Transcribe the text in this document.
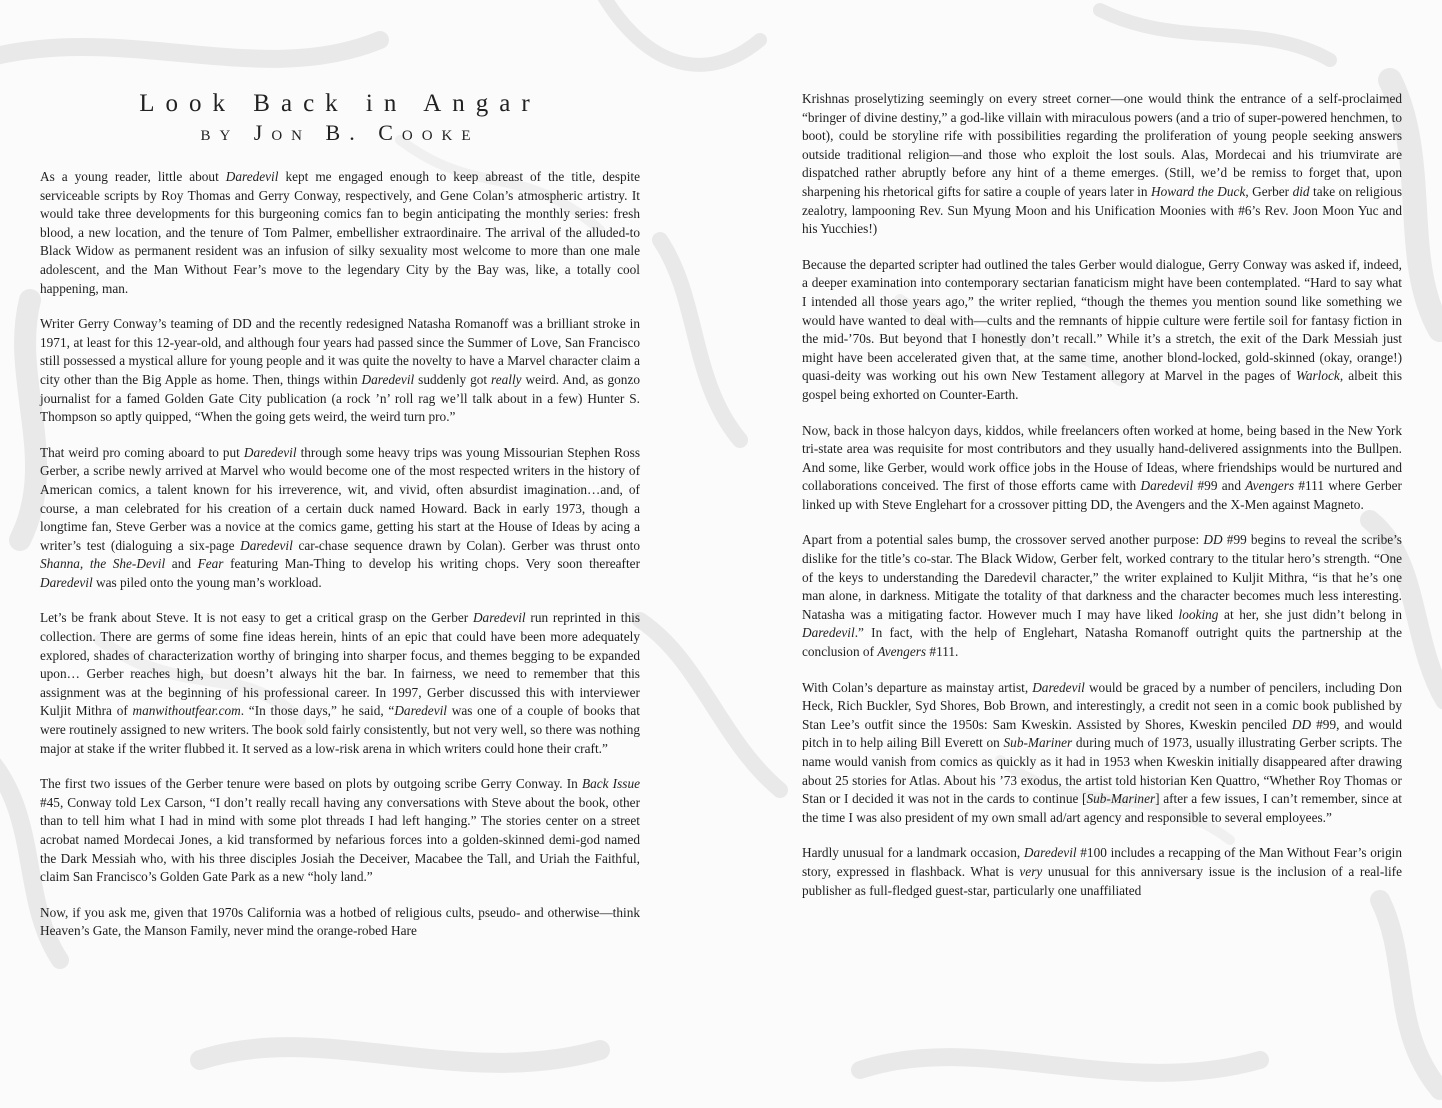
Look Back in Angar
by Jon B. Cooke

As a young reader, little about Daredevil kept me engaged enough to keep abreast of the title, despite serviceable scripts by Roy Thomas and Gerry Conway, respectively, and Gene Colan’s atmospheric artistry. It would take three developments for this burgeoning comics fan to begin anticipating the monthly series: fresh blood, a new location, and the tenure of Tom Palmer, embellisher extraordinaire. The arrival of the alluded-to Black Widow as permanent resident was an infusion of silky sexuality most welcome to more than one male adolescent, and the Man Without Fear’s move to the legendary City by the Bay was, like, a totally cool happening, man.

Writer Gerry Conway’s teaming of DD and the recently redesigned Natasha Romanoff was a brilliant stroke in 1971, at least for this 12-year-old, and although four years had passed since the Summer of Love, San Francisco still possessed a mystical allure for young people and it was quite the novelty to have a Marvel character claim a city other than the Big Apple as home. Then, things within Daredevil suddenly got really weird. And, as gonzo journalist for a famed Golden Gate City publication (a rock ’n’ roll rag we’ll talk about in a few) Hunter S. Thompson so aptly quipped, “When the going gets weird, the weird turn pro.”

That weird pro coming aboard to put Daredevil through some heavy trips was young Missourian Stephen Ross Gerber, a scribe newly arrived at Marvel who would become one of the most respected writers in the history of American comics, a talent known for his irreverence, wit, and vivid, often absurdist imagination…and, of course, a man celebrated for his creation of a certain duck named Howard. Back in early 1973, though a longtime fan, Steve Gerber was a novice at the comics game, getting his start at the House of Ideas by acing a writer’s test (dialoguing a six-page Daredevil car-chase sequence drawn by Colan). Gerber was thrust onto Shanna, the She-Devil and Fear featuring Man-Thing to develop his writing chops. Very soon thereafter Daredevil was piled onto the young man’s workload.

Let’s be frank about Steve. It is not easy to get a critical grasp on the Gerber Daredevil run reprinted in this collection. There are germs of some fine ideas herein, hints of an epic that could have been more adequately explored, shades of characterization worthy of bringing into sharper focus, and themes begging to be expanded upon… Gerber reaches high, but doesn’t always hit the bar. In fairness, we need to remember that this assignment was at the beginning of his professional career. In 1997, Gerber discussed this with interviewer Kuljit Mithra of manwithoutfear.com. “In those days,” he said, “Daredevil was one of a couple of books that were routinely assigned to new writers. The book sold fairly consistently, but not very well, so there was nothing major at stake if the writer flubbed it. It served as a low-risk arena in which writers could hone their craft.”

The first two issues of the Gerber tenure were based on plots by outgoing scribe Gerry Conway. In Back Issue #45, Conway told Lex Carson, “I don’t really recall having any conversations with Steve about the book, other than to tell him what I had in mind with some plot threads I had left hanging.” The stories center on a street acrobat named Mordecai Jones, a kid transformed by nefarious forces into a golden-skinned demi-god named the Dark Messiah who, with his three disciples Josiah the Deceiver, Macabee the Tall, and Uriah the Faithful, claim San Francisco’s Golden Gate Park as a new “holy land.”

Now, if you ask me, given that 1970s California was a hotbed of religious cults, pseudo- and otherwise—think Heaven’s Gate, the Manson Family, never mind the orange-robed Hare

Krishnas proselytizing seemingly on every street corner—one would think the entrance of a self-proclaimed “bringer of divine destiny,” a god-like villain with miraculous powers (and a trio of super-powered henchmen, to boot), could be storyline rife with possibilities regarding the proliferation of young people seeking answers outside traditional religion—and those who exploit the lost souls. Alas, Mordecai and his triumvirate are dispatched rather abruptly before any hint of a theme emerges. (Still, we’d be remiss to forget that, upon sharpening his rhetorical gifts for satire a couple of years later in Howard the Duck, Gerber did take on religious zealotry, lampooning Rev. Sun Myung Moon and his Unification Moonies with #6’s Rev. Joon Moon Yuc and his Yucchies!)

Because the departed scripter had outlined the tales Gerber would dialogue, Gerry Conway was asked if, indeed, a deeper examination into contemporary sectarian fanaticism might have been contemplated. “Hard to say what I intended all those years ago,” the writer replied, “though the themes you mention sound like something we would have wanted to deal with—cults and the remnants of hippie culture were fertile soil for fantasy fiction in the mid-’70s. But beyond that I honestly don’t recall.” While it’s a stretch, the exit of the Dark Messiah just might have been accelerated given that, at the same time, another blond-locked, gold-skinned (okay, orange!) quasi-deity was working out his own New Testament allegory at Marvel in the pages of Warlock, albeit this gospel being exhorted on Counter-Earth.

Now, back in those halcyon days, kiddos, while freelancers often worked at home, being based in the New York tri-state area was requisite for most contributors and they usually hand-delivered assignments into the Bullpen. And some, like Gerber, would work office jobs in the House of Ideas, where friendships would be nurtured and collaborations conceived. The first of those efforts came with Daredevil #99 and Avengers #111 where Gerber linked up with Steve Englehart for a crossover pitting DD, the Avengers and the X-Men against Magneto.

Apart from a potential sales bump, the crossover served another purpose: DD #99 begins to reveal the scribe’s dislike for the title’s co-star. The Black Widow, Gerber felt, worked contrary to the titular hero’s strength. “One of the keys to understanding the Daredevil character,” the writer explained to Kuljit Mithra, “is that he’s one man alone, in darkness. Mitigate the totality of that darkness and the character becomes much less interesting. Natasha was a mitigating factor. However much I may have liked looking at her, she just didn’t belong in Daredevil.” In fact, with the help of Englehart, Natasha Romanoff outright quits the partnership at the conclusion of Avengers #111.

With Colan’s departure as mainstay artist, Daredevil would be graced by a number of pencilers, including Don Heck, Rich Buckler, Syd Shores, Bob Brown, and interestingly, a credit not seen in a comic book published by Stan Lee’s outfit since the 1950s: Sam Kweskin. Assisted by Shores, Kweskin penciled DD #99, and would pitch in to help ailing Bill Everett on Sub-Mariner during much of 1973, usually illustrating Gerber scripts. The name would vanish from comics as quickly as it had in 1953 when Kweskin initially disappeared after drawing about 25 stories for Atlas. About his ’73 exodus, the artist told historian Ken Quattro, “Whether Roy Thomas or Stan or I decided it was not in the cards to continue [Sub-Mariner] after a few issues, I can’t remember, since at the time I was also president of my own small ad/art agency and responsible to several employees.”

Hardly unusual for a landmark occasion, Daredevil #100 includes a recapping of the Man Without Fear’s origin story, expressed in flashback. What is very unusual for this anniversary issue is the inclusion of a real-life publisher as full-fledged guest-star, particularly one unaffiliated
